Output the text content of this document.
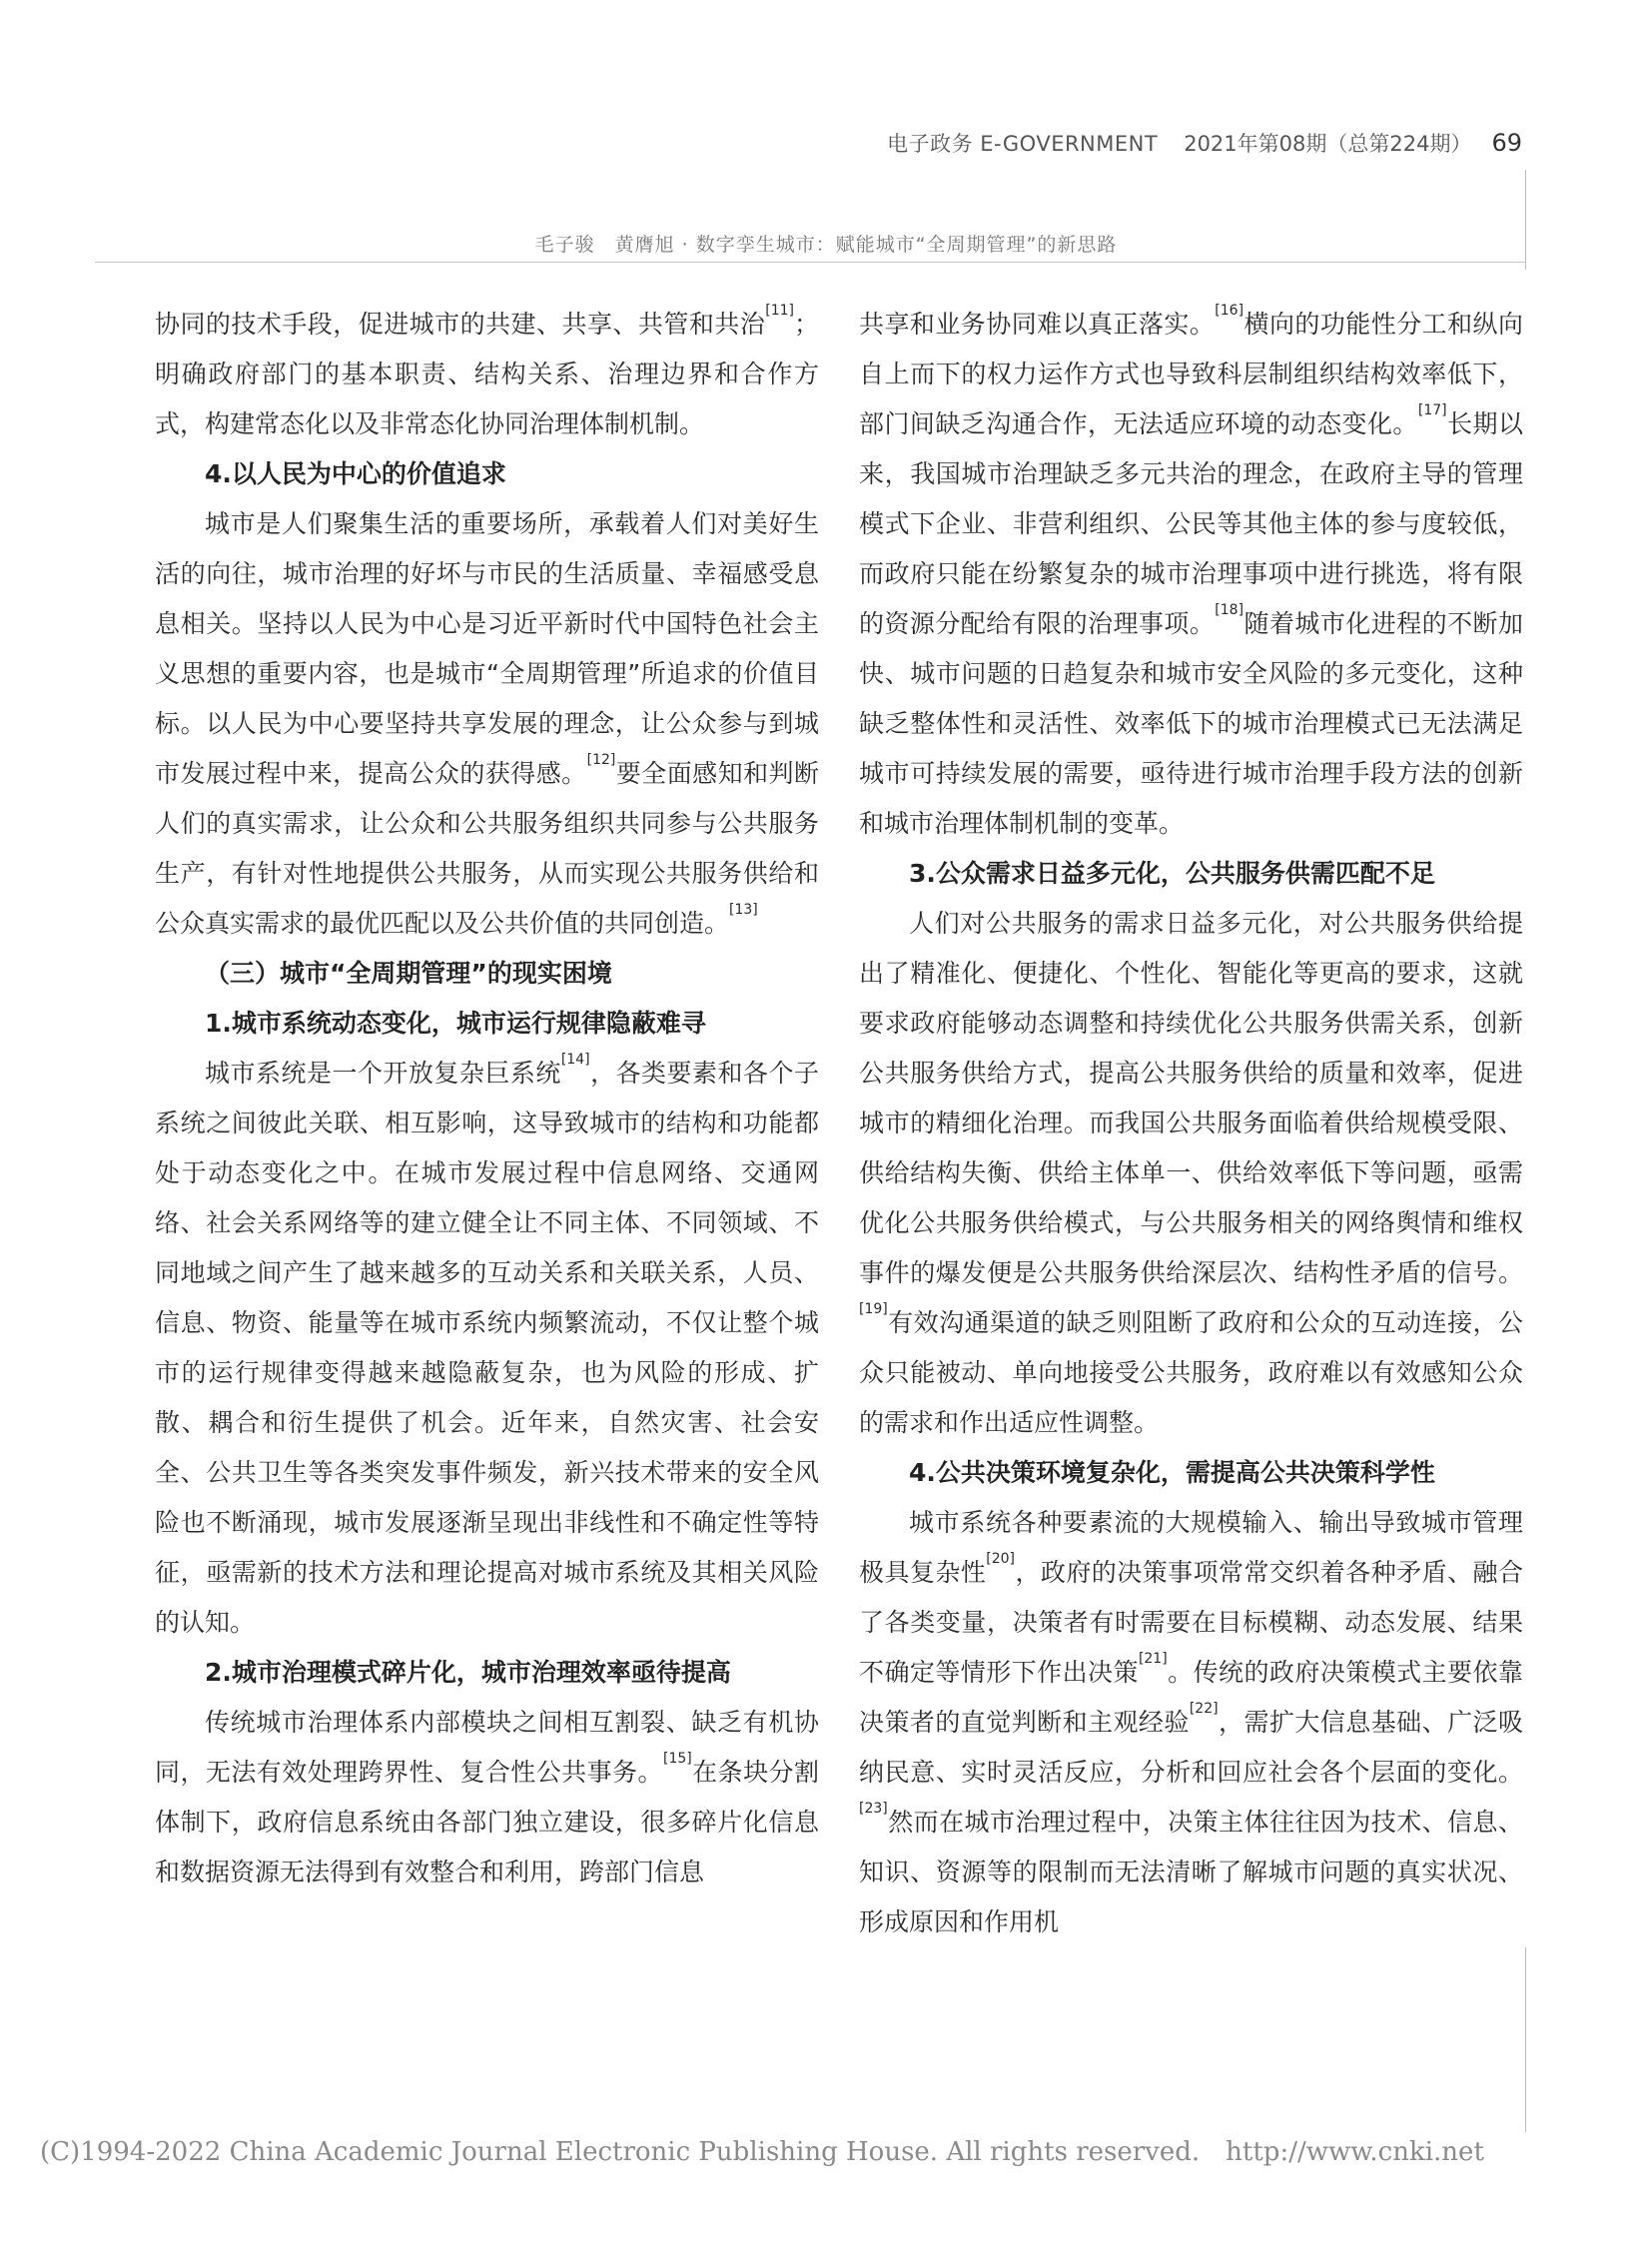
电子政务 E-GOVERNMENT 2021年第08期（总第224期） 69
毛子骏　黄膺旭 · 数字孪生城市：赋能城市“全周期管理”的新思路

协同的技术手段，促进城市的共建、共享、共管和共治[11]；明确政府部门的基本职责、结构关系、治理边界和合作方式，构建常态化以及非常态化协同治理体制机制。

4.以人民为中心的价值追求

城市是人们聚集生活的重要场所，承载着人们对美好生活的向往，城市治理的好坏与市民的生活质量、幸福感受息息相关。坚持以人民为中心是习近平新时代中国特色社会主义思想的重要内容，也是城市“全周期管理”所追求的价值目标。以人民为中心要坚持共享发展的理念，让公众参与到城市发展过程中来，提高公众的获得感。[12]要全面感知和判断人们的真实需求，让公众和公共服务组织共同参与公共服务生产，有针对性地提供公共服务，从而实现公共服务供给和公众真实需求的最优匹配以及公共价值的共同创造。[13]

（三）城市“全周期管理”的现实困境
1.城市系统动态变化，城市运行规律隐蔽难寻

城市系统是一个开放复杂巨系统[14]，各类要素和各个子系统之间彼此关联、相互影响，这导致城市的结构和功能都处于动态变化之中。在城市发展过程中信息网络、交通网络、社会关系网络等的建立健全让不同主体、不同领域、不同地域之间产生了越来越多的互动关系和关联关系，人员、信息、物资、能量等在城市系统内频繁流动，不仅让整个城市的运行规律变得越来越隐蔽复杂，也为风险的形成、扩散、耦合和衍生提供了机会。近年来，自然灾害、社会安全、公共卫生等各类突发事件频发，新兴技术带来的安全风险也不断涌现，城市发展逐渐呈现出非线性和不确定性等特征，亟需新的技术方法和理论提高对城市系统及其相关风险的认知。

2.城市治理模式碎片化，城市治理效率亟待提高

传统城市治理体系内部模块之间相互割裂、缺乏有机协同，无法有效处理跨界性、复合性公共事务。[15]在条块分割体制下，政府信息系统由各部门独立建设，很多碎片化信息和数据资源无法得到有效整合和利用，跨部门信息

共享和业务协同难以真正落实。[16]横向的功能性分工和纵向自上而下的权力运作方式也导致科层制组织结构效率低下，部门间缺乏沟通合作，无法适应环境的动态变化。[17]长期以来，我国城市治理缺乏多元共治的理念，在政府主导的管理模式下企业、非营利组织、公民等其他主体的参与度较低，而政府只能在纷繁复杂的城市治理事项中进行挑选，将有限的资源分配给有限的治理事项。[18]随着城市化进程的不断加快、城市问题的日趋复杂和城市安全风险的多元变化，这种缺乏整体性和灵活性、效率低下的城市治理模式已无法满足城市可持续发展的需要，亟待进行城市治理手段方法的创新和城市治理体制机制的变革。

3.公众需求日益多元化，公共服务供需匹配不足

人们对公共服务的需求日益多元化，对公共服务供给提出了精准化、便捷化、个性化、智能化等更高的要求，这就要求政府能够动态调整和持续优化公共服务供需关系，创新公共服务供给方式，提高公共服务供给的质量和效率，促进城市的精细化治理。而我国公共服务面临着供给规模受限、供给结构失衡、供给主体单一、供给效率低下等问题，亟需优化公共服务供给模式，与公共服务相关的网络舆情和维权事件的爆发便是公共服务供给深层次、结构性矛盾的信号。[19]有效沟通渠道的缺乏则阻断了政府和公众的互动连接，公众只能被动、单向地接受公共服务，政府难以有效感知公众的需求和作出适应性调整。

4.公共决策环境复杂化，需提高公共决策科学性

城市系统各种要素流的大规模输入、输出导致城市管理极具复杂性[20]，政府的决策事项常常交织着各种矛盾、融合了各类变量，决策者有时需要在目标模糊、动态发展、结果不确定等情形下作出决策[21]。传统的政府决策模式主要依靠决策者的直觉判断和主观经验[22]，需扩大信息基础、广泛吸纳民意、实时灵活反应，分析和回应社会各个层面的变化。[23]然而在城市治理过程中，决策主体往往因为技术、信息、知识、资源等的限制而无法清晰了解城市问题的真实状况、形成原因和作用机

(C)1994-2022 China Academic Journal Electronic Publishing House. All rights reserved. http://www.cnki.net
